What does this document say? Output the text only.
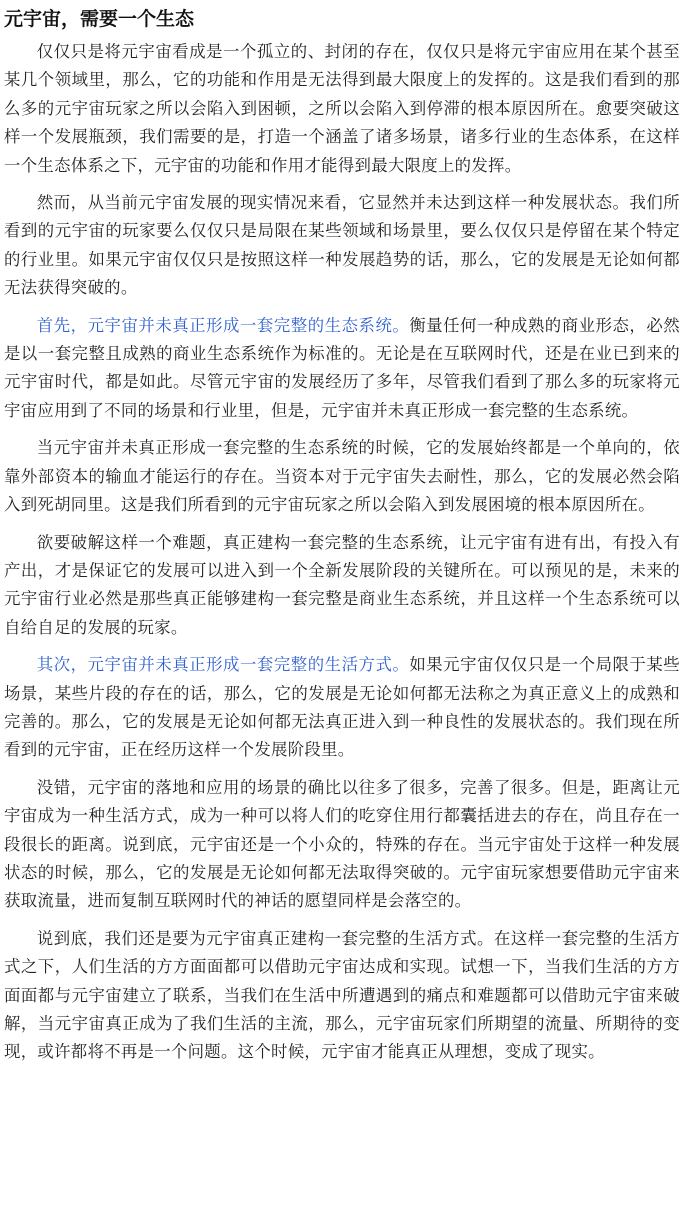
元宇宙，需要一个生态

仅仅只是将元宇宙看成是一个孤立的、封闭的存在，仅仅只是将元宇宙应用在某个甚至某几个领域里，那么，它的功能和作用是无法得到最大限度上的发挥的。这是我们看到的那么多的元宇宙玩家之所以会陷入到困顿，之所以会陷入到停滞的根本原因所在。愈要突破这样一个发展瓶颈，我们需要的是，打造一个涵盖了诸多场景，诸多行业的生态体系，在这样一个生态体系之下，元宇宙的功能和作用才能得到最大限度上的发挥。

然而，从当前元宇宙发展的现实情况来看，它显然并未达到这样一种发展状态。我们所看到的元宇宙的玩家要么仅仅只是局限在某些领域和场景里，要么仅仅只是停留在某个特定的行业里。如果元宇宙仅仅只是按照这样一种发展趋势的话，那么，它的发展是无论如何都无法获得突破的。

首先，元宇宙并未真正形成一套完整的生态系统。衡量任何一种成熟的商业形态，必然是以一套完整且成熟的商业生态系统作为标准的。无论是在互联网时代，还是在业已到来的元宇宙时代，都是如此。尽管元宇宙的发展经历了多年，尽管我们看到了那么多的玩家将元宇宙应用到了不同的场景和行业里，但是，元宇宙并未真正形成一套完整的生态系统。

当元宇宙并未真正形成一套完整的生态系统的时候，它的发展始终都是一个单向的，依靠外部资本的输血才能运行的存在。当资本对于元宇宙失去耐性，那么，它的发展必然会陷入到死胡同里。这是我们所看到的元宇宙玩家之所以会陷入到发展困境的根本原因所在。

欲要破解这样一个难题，真正建构一套完整的生态系统，让元宇宙有进有出，有投入有产出，才是保证它的发展可以进入到一个全新发展阶段的关键所在。可以预见的是，未来的元宇宙行业必然是那些真正能够建构一套完整是商业生态系统，并且这样一个生态系统可以自给自足的发展的玩家。

其次，元宇宙并未真正形成一套完整的生活方式。如果元宇宙仅仅只是一个局限于某些场景，某些片段的存在的话，那么，它的发展是无论如何都无法称之为真正意义上的成熟和完善的。那么，它的发展是无论如何都无法真正进入到一种良性的发展状态的。我们现在所看到的元宇宙，正在经历这样一个发展阶段里。

没错，元宇宙的落地和应用的场景的确比以往多了很多，完善了很多。但是，距离让元宇宙成为一种生活方式，成为一种可以将人们的吃穿住用行都囊括进去的存在，尚且存在一段很长的距离。说到底，元宇宙还是一个小众的，特殊的存在。当元宇宙处于这样一种发展状态的时候，那么，它的发展是无论如何都无法取得突破的。元宇宙玩家想要借助元宇宙来获取流量，进而复制互联网时代的神话的愿望同样是会落空的。

说到底，我们还是要为元宇宙真正建构一套完整的生活方式。在这样一套完整的生活方式之下，人们生活的方方面面都可以借助元宇宙达成和实现。试想一下，当我们生活的方方面面都与元宇宙建立了联系，当我们在生活中所遭遇到的痛点和难题都可以借助元宇宙来破解，当元宇宙真正成为了我们生活的主流，那么，元宇宙玩家们所期望的流量、所期待的变现，或许都将不再是一个问题。这个时候，元宇宙才能真正从理想，变成了现实。
